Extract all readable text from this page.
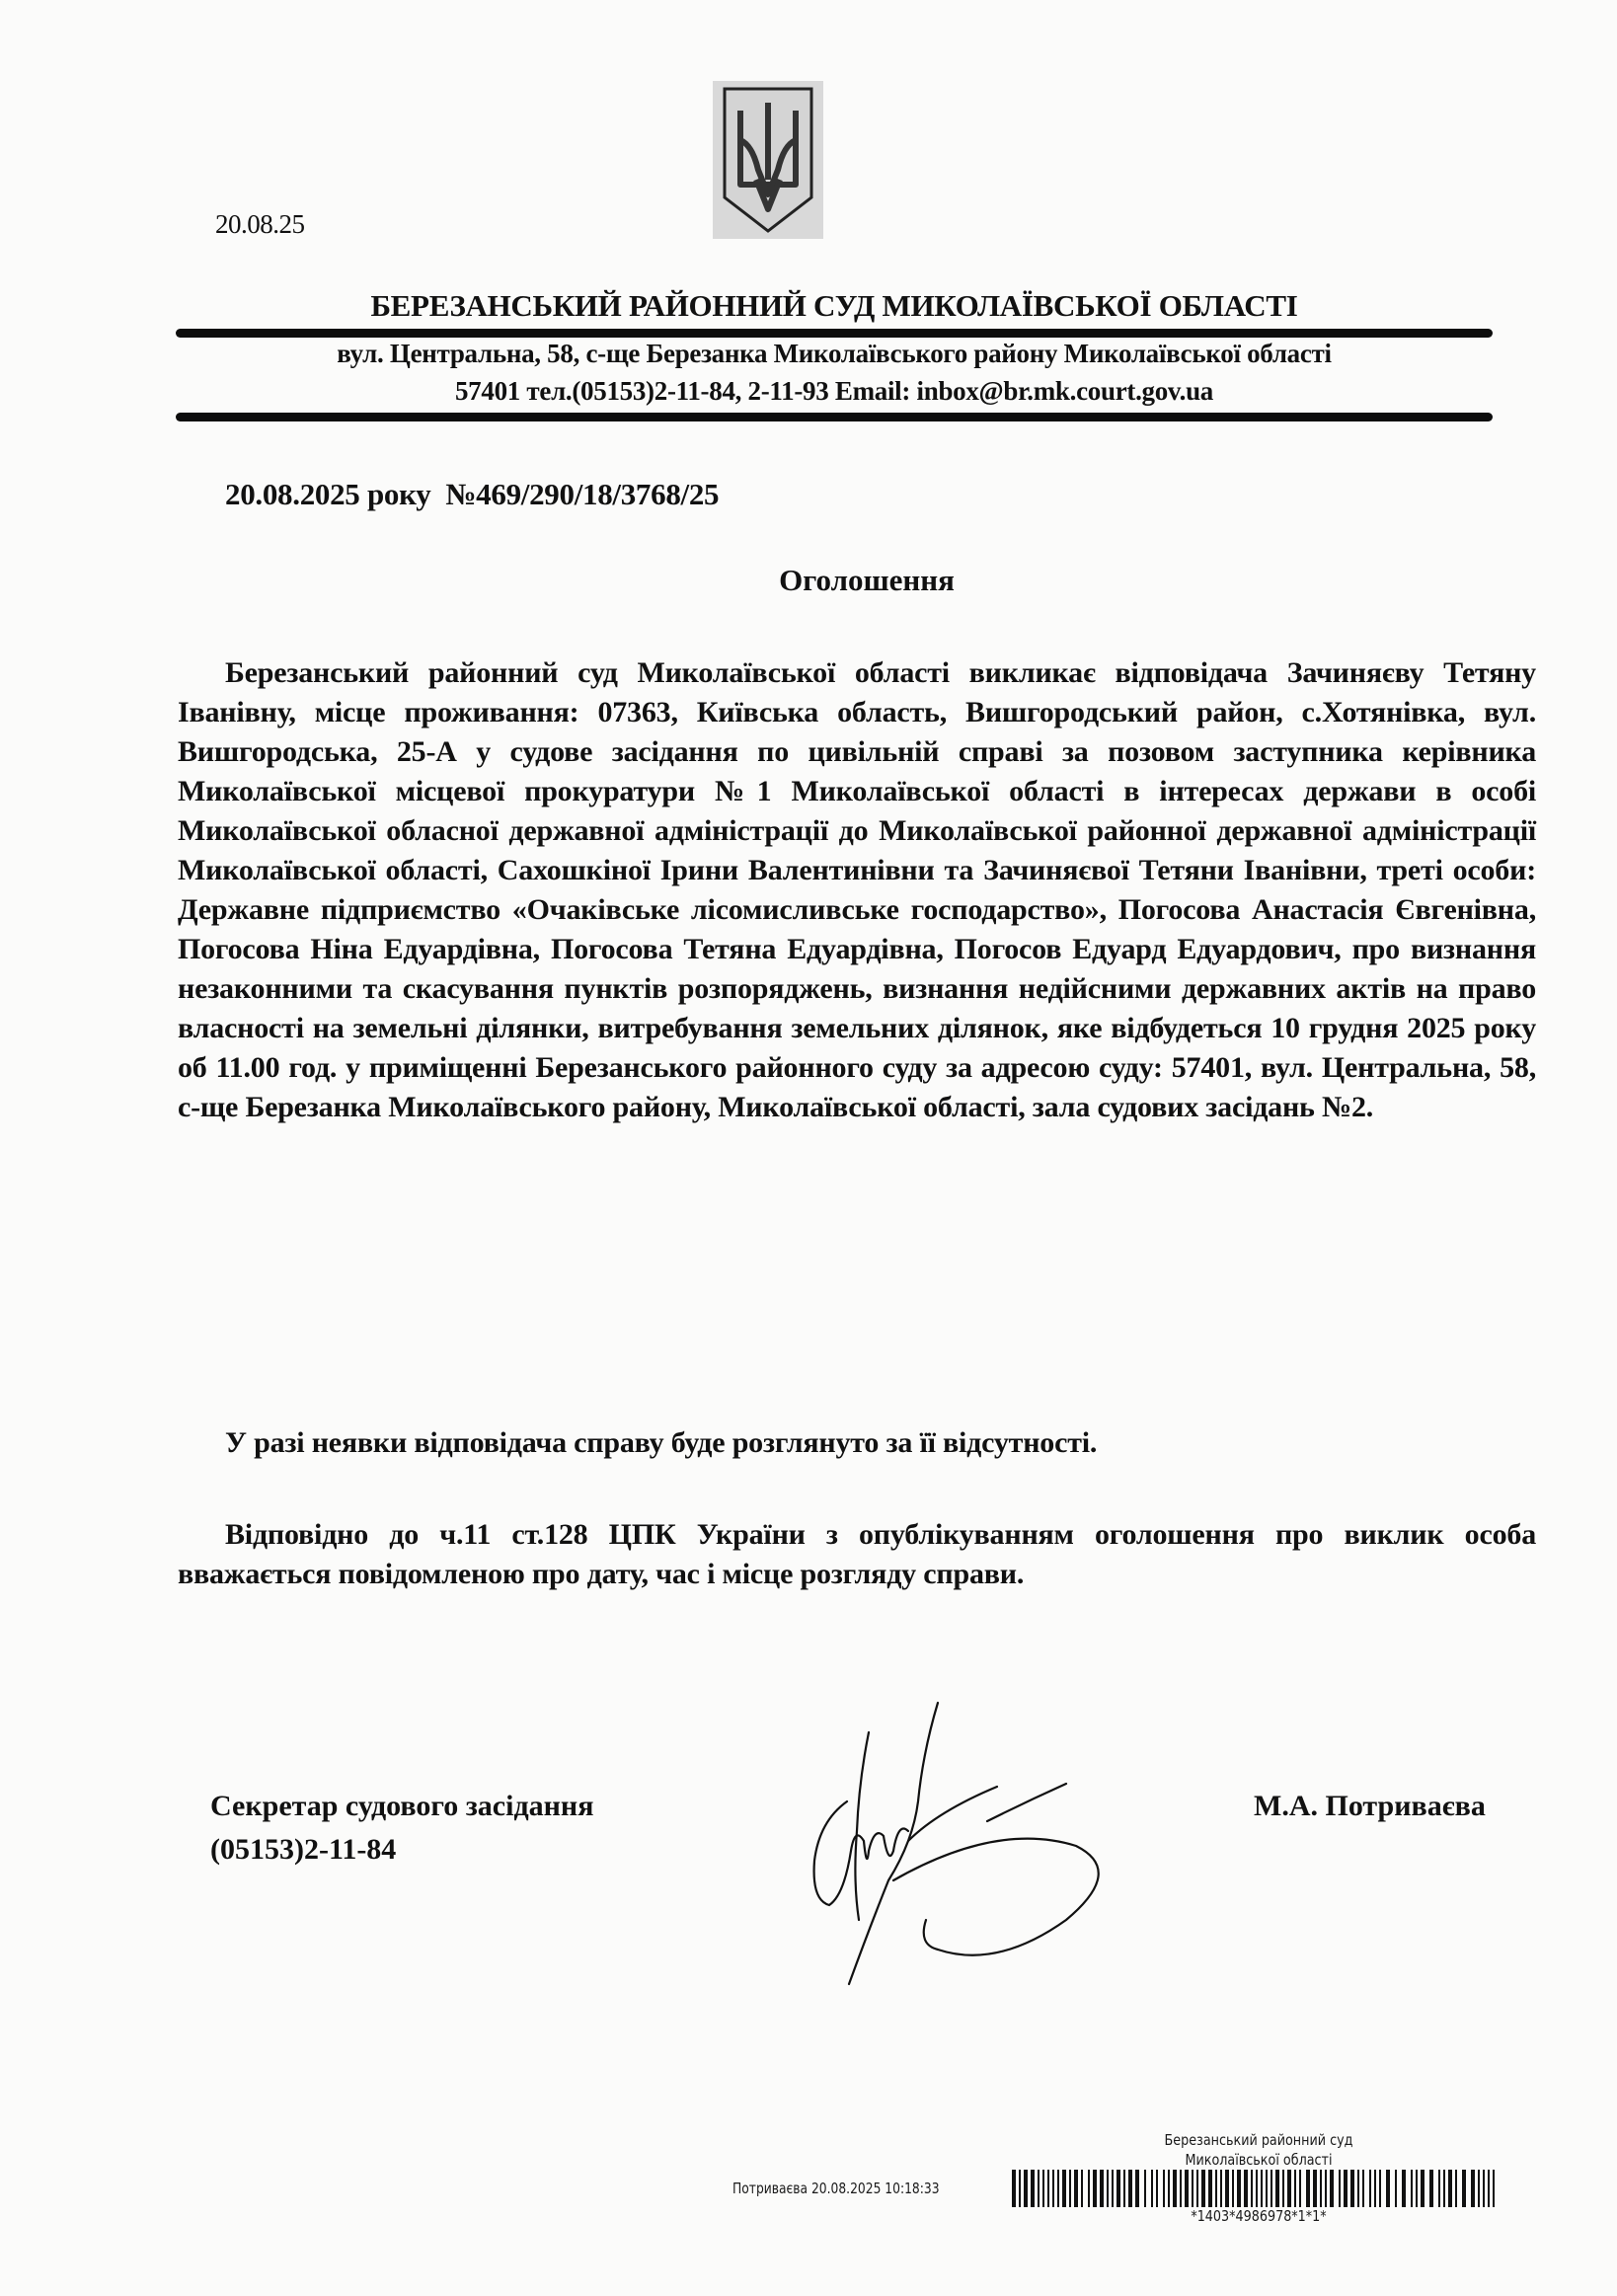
20.08.25
БЕРЕЗАНСЬКИЙ РАЙОННИЙ СУД МИКОЛАЇВСЬКОЇ ОБЛАСТІ
вул. Центральна, 58, с-ще Березанка Миколаївського району Миколаївської області
57401 тел.(05153)2-11-84, 2-11-93 Email: inbox@br.mk.court.gov.ua
20.08.2025 року №469/290/18/3768/25
Оголошення
Березанський районний суд Миколаївської області викликає відповідача Зачиняєву Тетяну Іванівну, місце проживання: 07363, Київська область, Вишгородський район, с.Хотянівка, вул. Вишгородська, 25-А у судове засідання по цивільній справі за позовом заступника керівника Миколаївської місцевої прокуратури №1 Миколаївської області в інтересах держави в особі Миколаївської обласної державної адміністрації до Миколаївської районної державної адміністрації Миколаївської області, Сахошкіної Ірини Валентинівни та Зачиняєвої Тетяни Іванівни, треті особи: Державне підприємство «Очаківське лісомисливське господарство», Погосова Анастасія Євгенівна, Погосова Ніна Едуардівна, Погосова Тетяна Едуардівна, Погосов Едуард Едуардович, про визнання незаконними та скасування пунктів розпоряджень, визнання недійсними державних актів на право власності на земельні ділянки, витребування земельних ділянок, яке відбудеться 10 грудня 2025 року об 11.00 год. у приміщенні Березанського районного суду за адресою суду: 57401, вул. Центральна, 58, с-ще Березанка Миколаївського району, Миколаївської області, зала судових засідань №2.
У разі неявки відповідача справу буде розглянуто за її відсутності.
Відповідно до ч.11 ст.128 ЦПК України з опублікуванням оголошення про виклик особа вважається повідомленою про дату, час і місце розгляду справи.
Секретар судового засідання
(05153)2-11-84
М.А. Потриваєва
Березанський районний суд
Миколаївської області
Потриваєва 20.08.2025 10:18:33
*1403*4986978*1*1*
